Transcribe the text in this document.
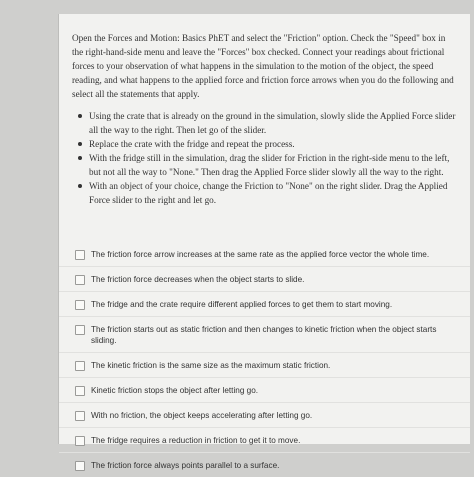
Open the Forces and Motion: Basics PhET and select the "Friction" option. Check the "Speed" box in the right-hand-side menu and leave the "Forces" box checked. Connect your readings about frictional forces to your observation of what happens in the simulation to the motion of the object, the speed reading, and what happens to the applied force and friction force arrows when you do the following and select all the statements that apply.

Using the crate that is already on the ground in the simulation, slowly slide the Applied Force slider all the way to the right. Then let go of the slider.
Replace the crate with the fridge and repeat the process.
With the fridge still in the simulation, drag the slider for Friction in the right-side menu to the left, but not all the way to "None." Then drag the Applied Force slider slowly all the way to the right.
With an object of your choice, change the Friction to "None" on the right slider. Drag the Applied Force slider to the right and let go.
The friction force arrow increases at the same rate as the applied force vector the whole time.
The friction force decreases when the object starts to slide.
The fridge and the crate require different applied forces to get them to start moving.
The friction starts out as static friction and then changes to kinetic friction when the object starts sliding.
The kinetic friction is the same size as the maximum static friction.
Kinetic friction stops the object after letting go.
With no friction, the object keeps accelerating after letting go.
The fridge requires a reduction in friction to get it to move.
The friction force always points parallel to a surface.
